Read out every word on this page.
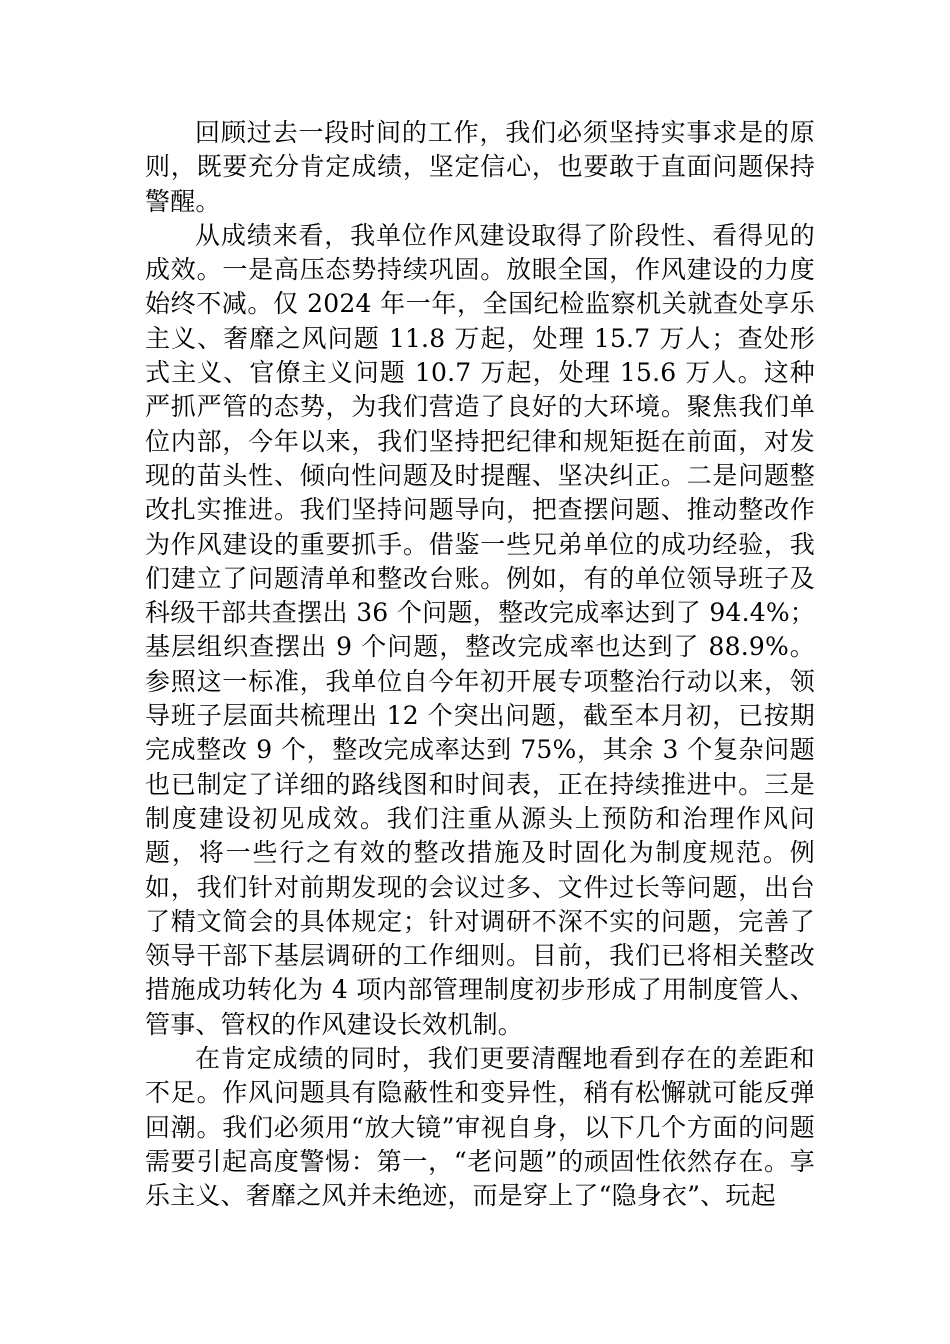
回顾过去一段时间的工作，我们必须坚持实事求是的原则，既要充分肯定成绩，坚定信心，也要敢于直面问题保持警醒。

从成绩来看，我单位作风建设取得了阶段性、看得见的成效。一是高压态势持续巩固。放眼全国，作风建设的力度始终不减。仅 2024 年一年，全国纪检监察机关就查处享乐主义、奢靡之风问题 11.8 万起，处理 15.7 万人；查处形式主义、官僚主义问题 10.7 万起，处理 15.6 万人。这种严抓严管的态势，为我们营造了良好的大环境。聚焦我们单位内部，今年以来，我们坚持把纪律和规矩挺在前面，对发现的苗头性、倾向性问题及时提醒、坚决纠正。二是问题整改扎实推进。我们坚持问题导向，把查摆问题、推动整改作为作风建设的重要抓手。借鉴一些兄弟单位的成功经验，我们建立了问题清单和整改台账。例如，有的单位领导班子及科级干部共查摆出 36 个问题，整改完成率达到了 94.4%；基层组织查摆出 9 个问题，整改完成率也达到了 88.9%。参照这一标准，我单位自今年初开展专项整治行动以来，领导班子层面共梳理出 12 个突出问题，截至本月初，已按期完成整改 9 个，整改完成率达到 75%，其余 3 个复杂问题也已制定了详细的路线图和时间表，正在持续推进中。三是制度建设初见成效。我们注重从源头上预防和治理作风问题，将一些行之有效的整改措施及时固化为制度规范。例如，我们针对前期发现的会议过多、文件过长等问题，出台了精文简会的具体规定；针对调研不深不实的问题，完善了领导干部下基层调研的工作细则。目前，我们已将相关整改措施成功转化为 4 项内部管理制度初步形成了用制度管人、管事、管权的作风建设长效机制。

在肯定成绩的同时，我们更要清醒地看到存在的差距和不足。作风问题具有隐蔽性和变异性，稍有松懈就可能反弹回潮。我们必须用“放大镜”审视自身，以下几个方面的问题需要引起高度警惕：第一，“老问题”的顽固性依然存在。享乐主义、奢靡之风并未绝迹，而是穿上了“隐身衣”、玩起
